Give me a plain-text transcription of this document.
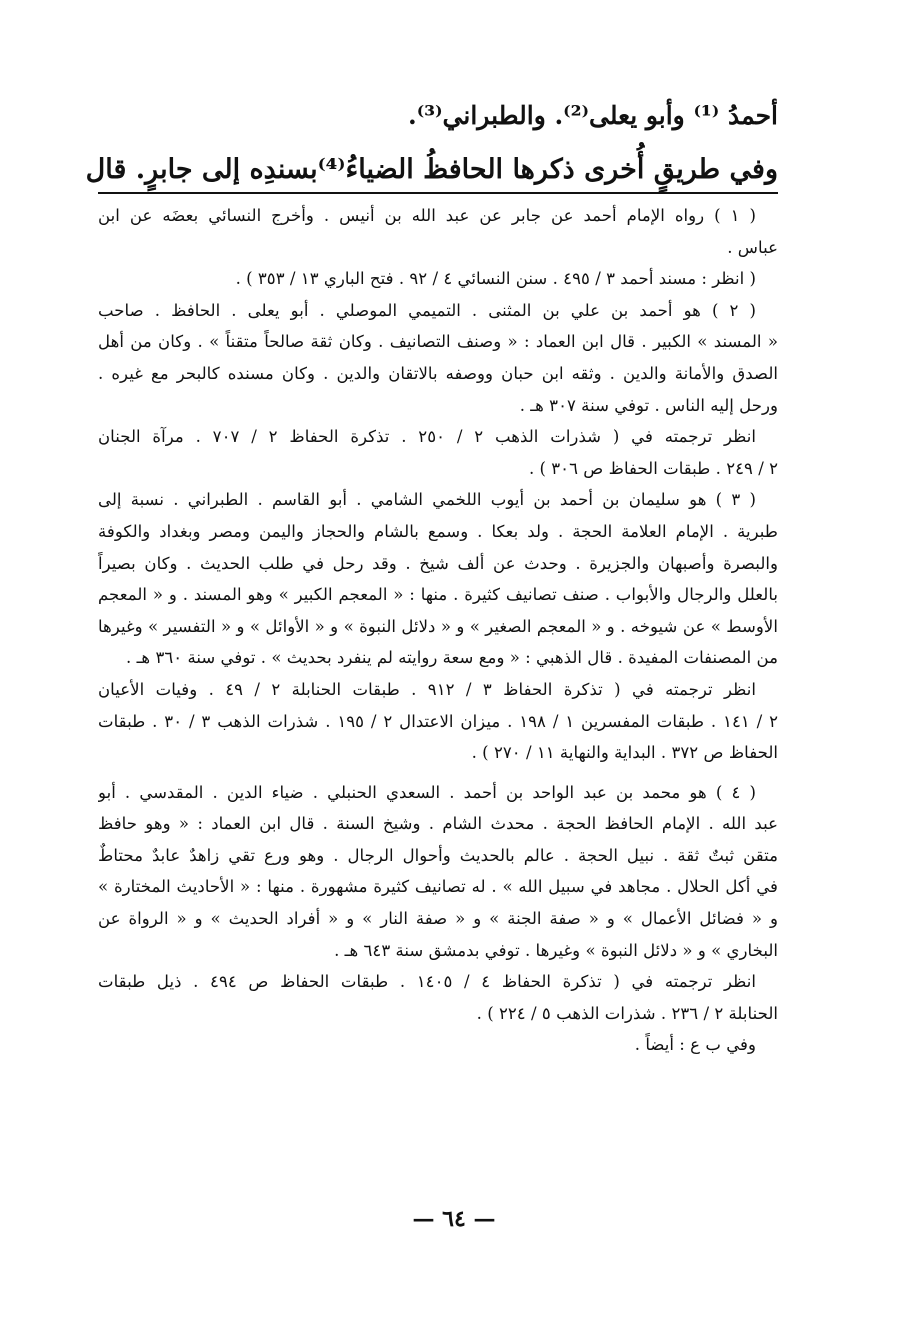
أحمدُ ⁽¹⁾ وأبو يعلى⁽²⁾. والطبراني⁽³⁾.

وفي طريقٍ أُخرى ذكرها الحافظُ الضياءُ⁽⁴⁾بسندِه إلى جابرٍ. قال

( ١ ) رواه الإمام أحمد عن جابر عن عبد الله بن أنيس . وأخرج النسائي بعضَه عن ابن
عباس .
( انظر : مسند أحمد ٣ / ٤٩٥ . سنن النسائي ٤ / ٩٢ . فتح الباري ١٣ / ٣٥٣ ) .
( ٢ ) هو أحمد بن علي بن المثنى . التميمي الموصلي . أبو يعلى . الحافظ . صاحب
« المسند » الكبير . قال ابن العماد : « وصنف التصانيف . وكان ثقة صالحاً متقناً » . وكان من أهل
الصدق والأمانة والدين . وثقه ابن حبان ووصفه بالاتقان والدين . وكان مسنده كالبحر مع غيره .
ورحل إليه الناس . توفي سنة ٣٠٧ هـ .
انظر ترجمته في ( شذرات الذهب ٢ / ٢٥٠ . تذكرة الحفاظ ٢ / ٧٠٧ . مرآة الجنان
٢ / ٢٤٩ . طبقات الحفاظ ص ٣٠٦ ) .
( ٣ ) هو سليمان بن أحمد بن أيوب اللخمي الشامي . أبو القاسم . الطبراني . نسبة إلى
طبرية . الإمام العلامة الحجة . ولد بعكا . وسمع بالشام والحجاز واليمن ومصر وبغداد والكوفة
والبصرة وأصبهان والجزيرة . وحدث عن ألف شيخ . وقد رحل في طلب الحديث . وكان بصيراً
بالعلل والرجال والأبواب . صنف تصانيف كثيرة . منها : « المعجم الكبير » وهو المسند . و « المعجم
الأوسط » عن شيوخه . و « المعجم الصغير » و « دلائل النبوة » و « الأوائل » و « التفسير » وغيرها
من المصنفات المفيدة . قال الذهبي : « ومع سعة روايته لم ينفرد بحديث » . توفي سنة ٣٦٠ هـ .
انظر ترجمته في ( تذكرة الحفاظ ٣ / ٩١٢ . طبقات الحنابلة ٢ / ٤٩ . وفيات الأعيان
٢ / ١٤١ . طبقات المفسرين ١ / ١٩٨ . ميزان الاعتدال ٢ / ١٩٥ . شذرات الذهب ٣ / ٣٠ . طبقات
الحفاظ ص ٣٧٢ . البداية والنهاية ١١ / ٢٧٠ ) .
( ٤ ) هو محمد بن عبد الواحد بن أحمد . السعدي الحنبلي . ضياء الدين . المقدسي . أبو
عبد الله . الإمام الحافظ الحجة . محدث الشام . وشيخ السنة . قال ابن العماد : « وهو حافظ
متقن ثبتٌ ثقة . نبيل الحجة . عالم بالحديث وأحوال الرجال . وهو ورع تقي زاهدٌ عابدٌ محتاطٌ
في أكل الحلال . مجاهد في سبيل الله » . له تصانيف كثيرة مشهورة . منها : « الأحاديث المختارة »
و « فضائل الأعمال » و « صفة الجنة » و « صفة النار » و « أفراد الحديث » و « الرواة عن
البخاري » و « دلائل النبوة » وغيرها . توفي بدمشق سنة ٦٤٣ هـ .
انظر ترجمته في ( تذكرة الحفاظ ٤ / ١٤٠٥ . طبقات الحفاظ ص ٤٩٤ . ذيل طبقات
الحنابلة ٢ / ٢٣٦ . شذرات الذهب ٥ / ٢٢٤ ) .
وفي ب ع : أيضاً .
— ٦٤ —
